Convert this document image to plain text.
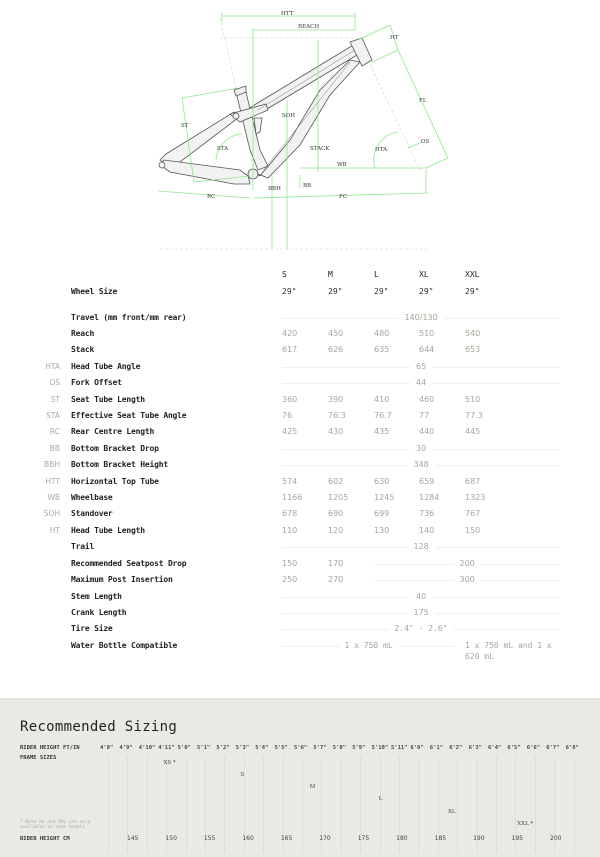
HTT
REACH
HT
FL
OS
ST
SOH
STA	STACK	HTA
WB
BBH	BB
RC	FC
S	M	L	XL	XXL
Wheel Size	29"	29"	29"	29"	29"
Travel (mm front/mm rear)	140/130
Reach	420	450	480	510	540
Stack	617	626	635	644	653
HTA Head Tube Angle	65
OS Fork Offset	44
ST Seat Tube Length	360	390	410	460	510
STA Effective Seat Tube Angle	76	76.3	76.7	77	77.3
RC Rear Centre Length	425	430	435	440	445
BB Bottom Bracket Drop	30
BBH Bottom Bracket Height	348
HTT Horizontal Top Tube	574	602	630	659	687
WB Wheelbase	1166	1205	1245	1284	1323
SOH Standover	678	690	699	736	767
HT Head Tube Length	110	120	130	140	150
Trail	128
Recommended Seatpost Drop	150	170	200
Maximum Post Insertion	250	270	300
Stem Length	40
Crank Length	175
Tire Size	2.4" - 2.6"
Water Bottle Compatible	1 x 750 mL	1 x 750 mL and 1 x 620 mL
Recommended Sizing
RIDER HEIGHT FT/IN
FRAME SIZES
RIDER HEIGHT CM
* Note XS and XXL are only available in some models
4'8" 4'9" 4'10" 4'11" 5'0" 5'1" 5'2" 5'3" 5'4" 5'5" 5'6" 5'7" 5'8" 5'9" 5'10" 5'11" 6'0" 6'1" 6'2" 6'3" 6'4" 6'5" 6'6" 6'7" 6'8"
145	150	155	160	165	170	175	180	185	190	195	200
XS *
S
M
L
XL
XXL *
